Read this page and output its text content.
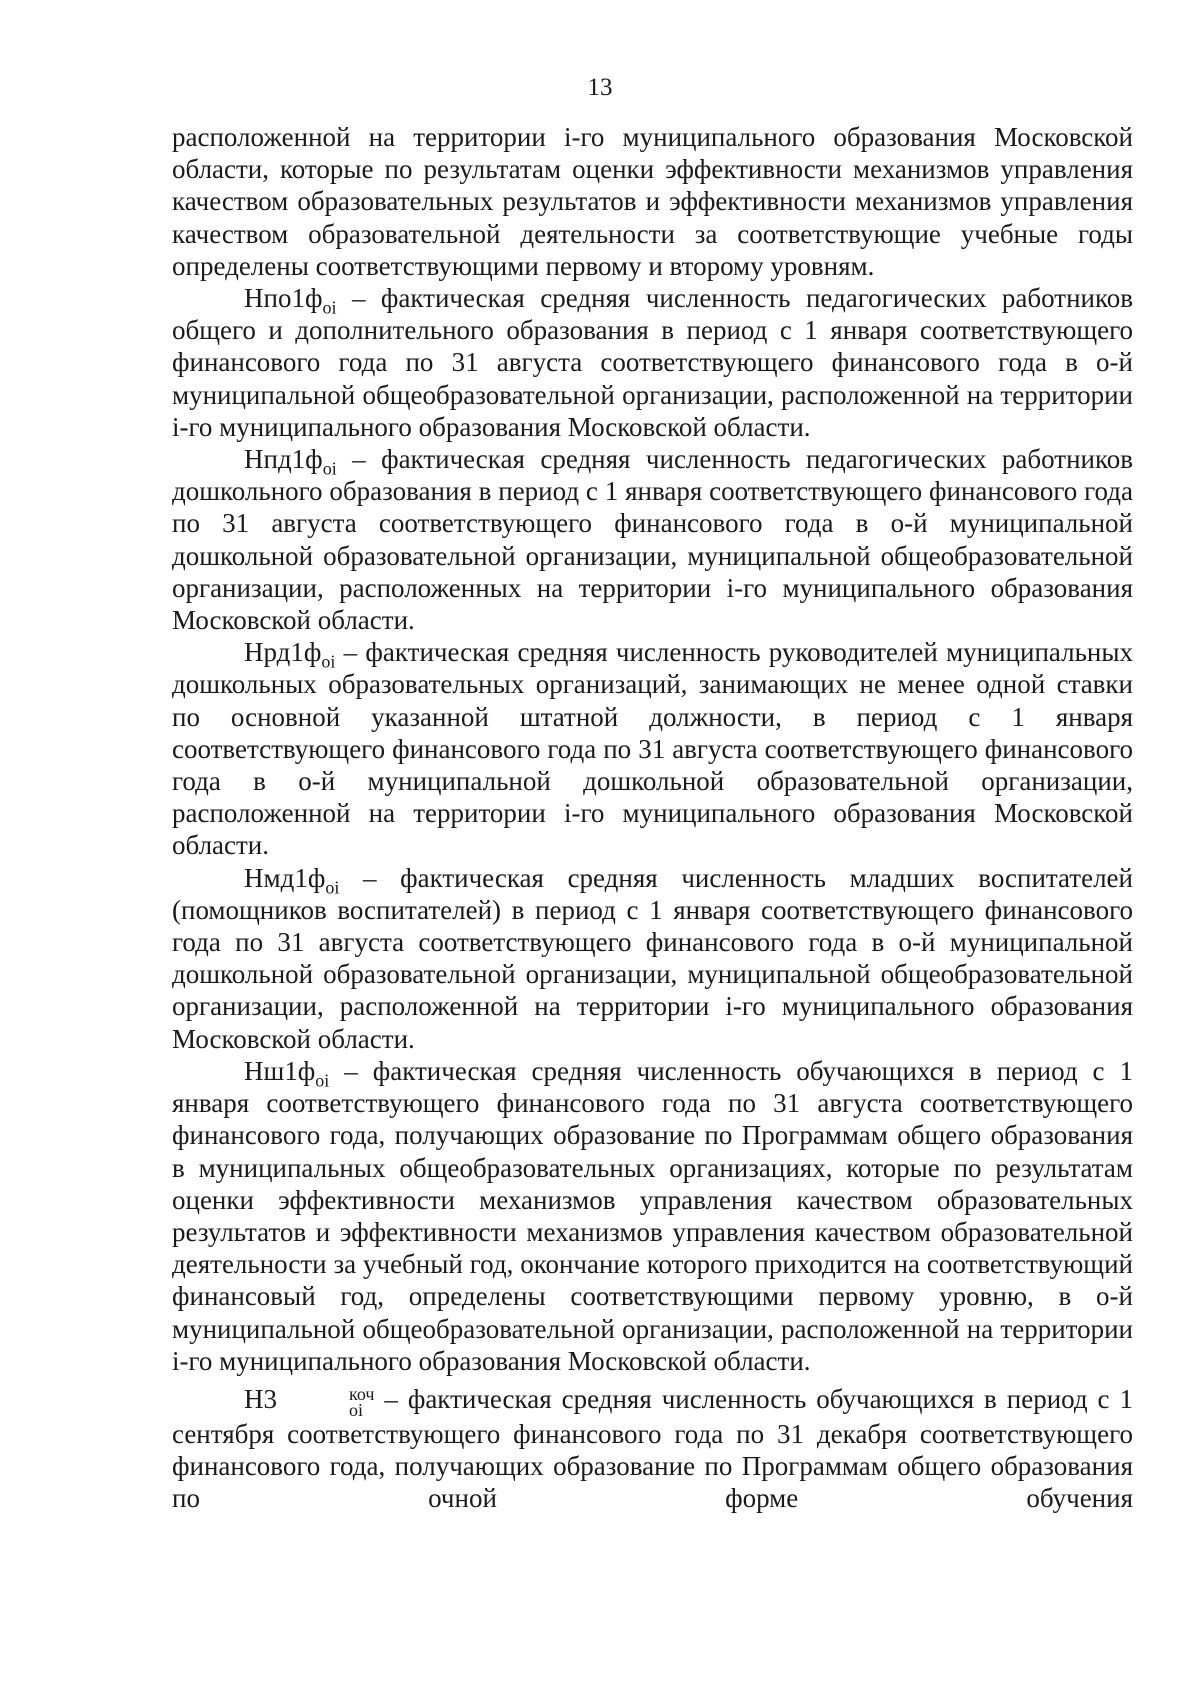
13

расположенной на территории i-го муниципального образования Московской области, которые по результатам оценки эффективности механизмов управления качеством образовательных результатов и эффективности механизмов управления качеством образовательной деятельности за соответствующие учебные годы определены соответствующими первому и второму уровням.

$Нпо1ф_{oi}$ – фактическая средняя численность педагогических работников общего и дополнительного образования в период с 1 января соответствующего финансового года по 31 августа соответствующего финансового года в о-й муниципальной общеобразовательной организации, расположенной на территории i-го муниципального образования Московской области.

$Нпд1ф_{oi}$ – фактическая средняя численность педагогических работников дошкольного образования в период с 1 января соответствующего финансового года по 31 августа соответствующего финансового года в о-й муниципальной дошкольной образовательной организации, муниципальной общеобразовательной организации, расположенных на территории i-го муниципального образования Московской области.

$Нрд1ф_{oi}$ – фактическая средняя численность руководителей муниципальных дошкольных образовательных организаций, занимающих не менее одной ставки по основной указанной штатной должности, в период с 1 января соответствующего финансового года по 31 августа соответствующего финансового года в о-й муниципальной дошкольной образовательной организации, расположенной на территории i-го муниципального образования Московской области.

$Нмд1ф_{oi}$ – фактическая средняя численность младших воспитателей (помощников воспитателей) в период с 1 января соответствующего финансового года по 31 августа соответствующего финансового года в о-й муниципальной дошкольной образовательной организации, муниципальной общеобразовательной организации, расположенной на территории i-го муниципального образования Московской области.

$Нш1ф_{oi}$ – фактическая средняя численность обучающихся в период с 1 января соответствующего финансового года по 31 августа соответствующего финансового года, получающих образование по Программам общего образования в муниципальных общеобразовательных организациях, которые по результатам оценки эффективности механизмов управления качеством образовательных результатов и эффективности механизмов управления качеством образовательной деятельности за учебный год, окончание которого приходится на соответствующий финансовый год, определены соответствующими первому уровню, в о-й муниципальной общеобразовательной организации, расположенной на территории i-го муниципального образования Московской области.

Н3	коч
oi – фактическая средняя численность обучающихся в период с 1 сентября соответствующего финансового года по 31 декабря соответствующего финансового года, получающих образование по Программам общего образования по очной форме обучения
